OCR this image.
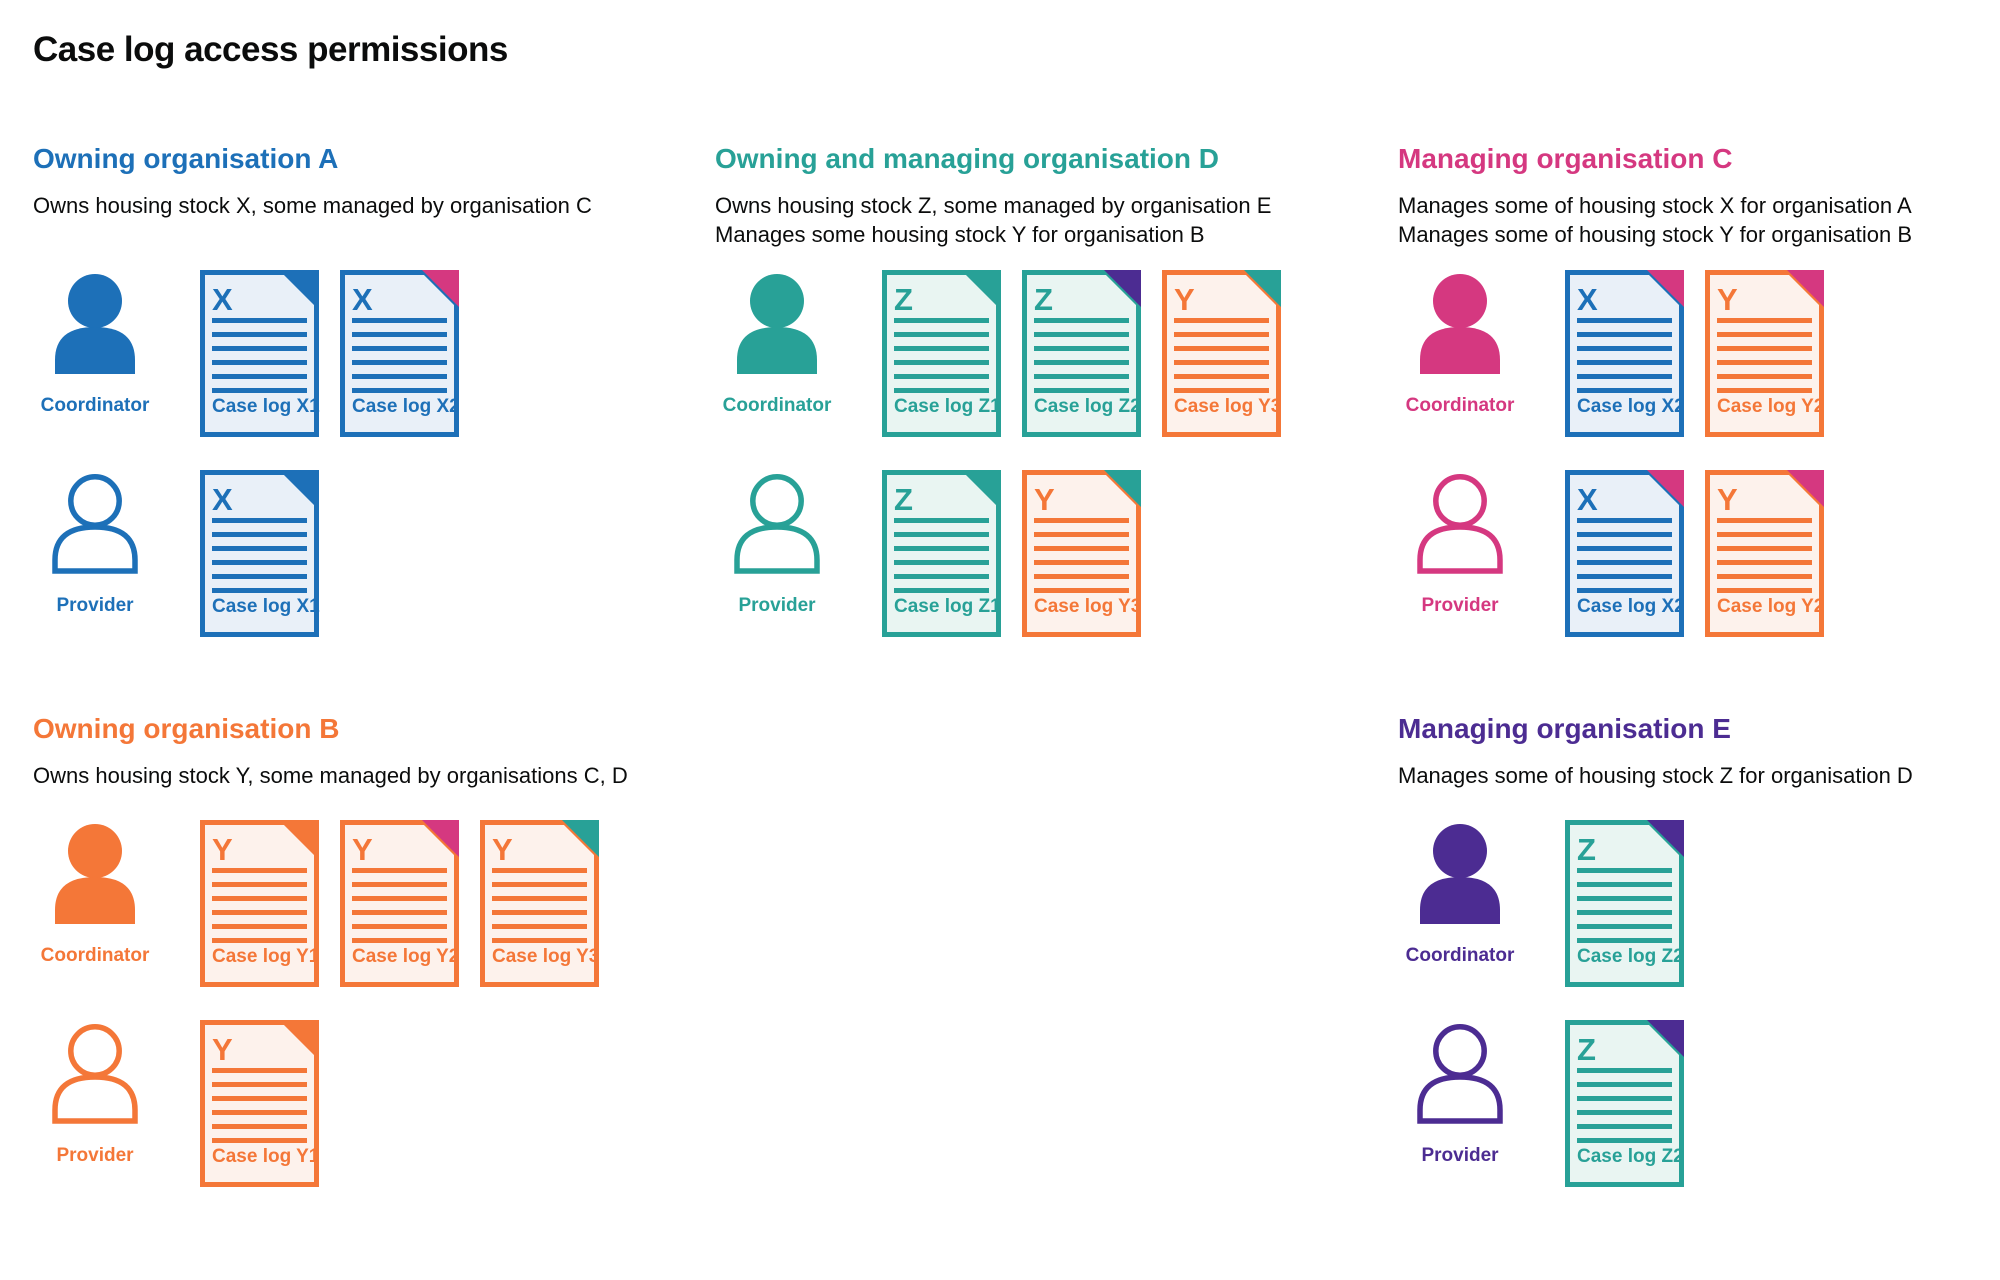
Case log access permissions
Owning organisation A

Owns housing stock X, some managed by organisation C

Coordinator
X
Case log X1
X
Case log X2
Provider
X
Case log X1
Owning and managing organisation D

Owns housing stock Z, some managed by organisation E

Manages some housing stock Y for organisation B

Coordinator
Z
Case log Z1
Z
Case log Z2
Y
Case log Y3
Provider
Z
Case log Z1
Y
Case log Y3
Managing organisation C

Manages some of housing stock X for organisation A

Manages some of housing stock Y for organisation B

Coordinator
X
Case log X2
Y
Case log Y2
Provider
X
Case log X2
Y
Case log Y2
Owning organisation B

Owns housing stock Y, some managed by organisations C, D

Coordinator
Y
Case log Y1
Y
Case log Y2
Y
Case log Y3
Provider
Y
Case log Y1
Managing organisation E

Manages some of housing stock Z for organisation D

Coordinator
Z
Case log Z2
Provider
Z
Case log Z2
